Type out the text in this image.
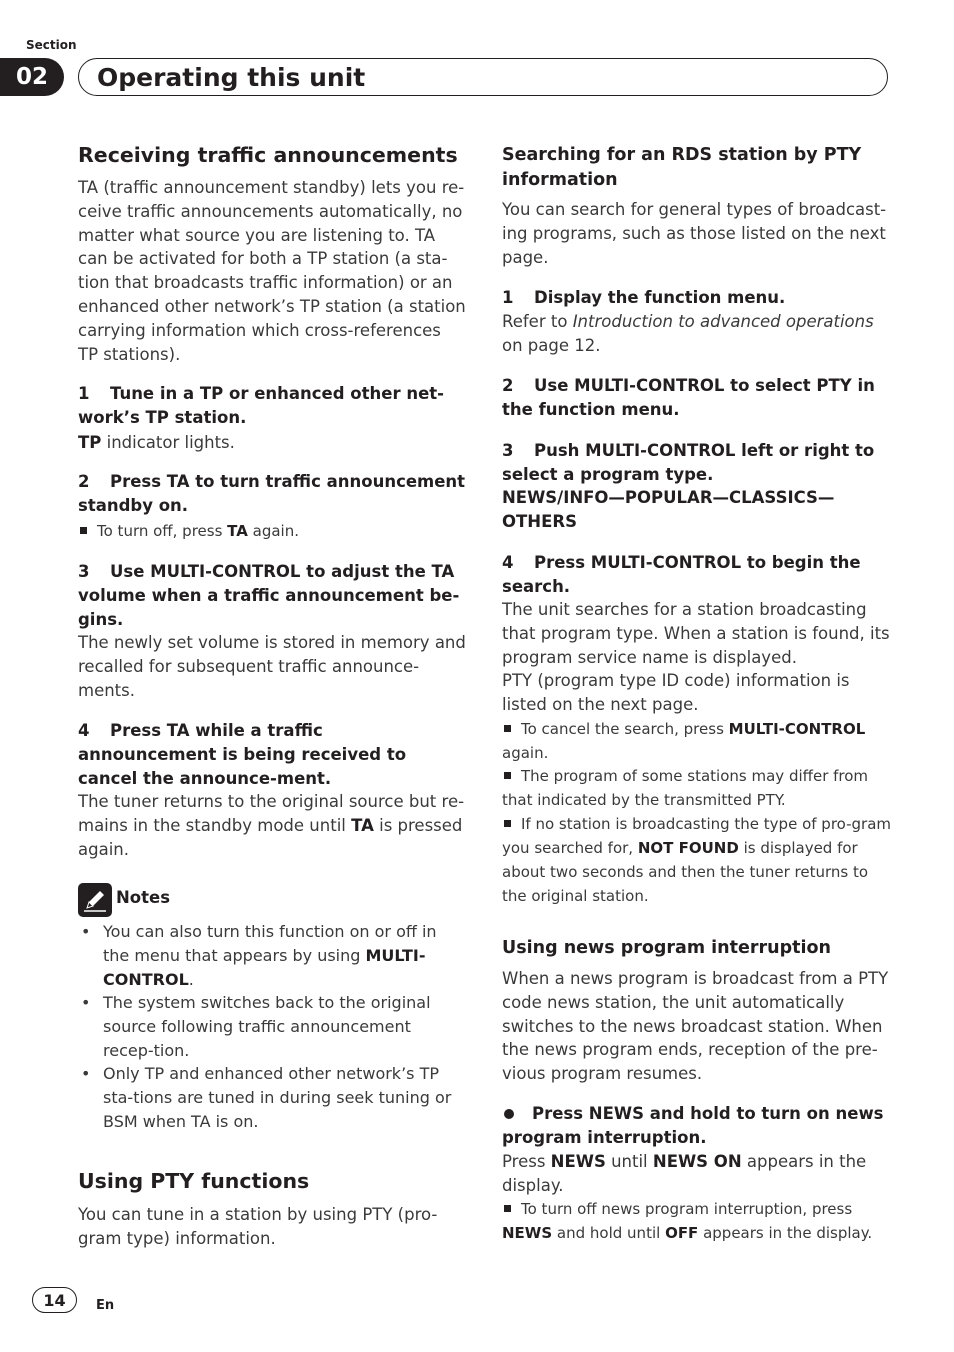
Section
02	Operating this unit
Receiving traffic announcements
TA (traffic announcement standby) lets you re-ceive traffic announcements automatically, no matter what source you are listening to. TA can be activated for both a TP station (a sta-tion that broadcasts traffic information) or an enhanced other network’s TP station (a station carrying information which cross-references TP stations).
1 Tune in a TP or enhanced other net-work’s TP station.
TP indicator lights.
2 Press TA to turn traffic announcement standby on.
To turn off, press TA again.
3 Use MULTI-CONTROL to adjust the TA volume when a traffic announcement be-gins.
The newly set volume is stored in memory and recalled for subsequent traffic announce-ments.
4 Press TA while a traffic announcement is being received to cancel the announce-ment.
The tuner returns to the original source but re-mains in the standby mode until TA is pressed again.
Notes
• You can also turn this function on or off in the menu that appears by using MULTI-CONTROL.
• The system switches back to the original source following traffic announcement recep-tion.
• Only TP and enhanced other network’s TP sta-tions are tuned in during seek tuning or BSM when TA is on.
Using PTY functions
You can tune in a station by using PTY (pro-gram type) information.
Searching for an RDS station by PTY information
You can search for general types of broadcast-ing programs, such as those listed on the next page.
1 Display the function menu.
Refer to Introduction to advanced operations on page 12.
2 Use MULTI-CONTROL to select PTY in the function menu.
3 Push MULTI-CONTROL left or right to select a program type.
NEWS/INFO—POPULAR—CLASSICS—
OTHERS
4 Press MULTI-CONTROL to begin the search.
The unit searches for a station broadcasting that program type. When a station is found, its program service name is displayed.
PTY (program type ID code) information is listed on the next page.
To cancel the search, press MULTI-CONTROL again.
The program of some stations may differ from that indicated by the transmitted PTY.
If no station is broadcasting the type of pro-gram you searched for, NOT FOUND is displayed for about two seconds and then the tuner returns to the original station.
Using news program interruption
When a news program is broadcast from a PTY code news station, the unit automatically switches to the news broadcast station. When the news program ends, reception of the pre-vious program resumes.
Press NEWS and hold to turn on news program interruption.
Press NEWS until NEWS ON appears in the display.
To turn off news program interruption, press NEWS and hold until OFF appears in the display.
14	En
